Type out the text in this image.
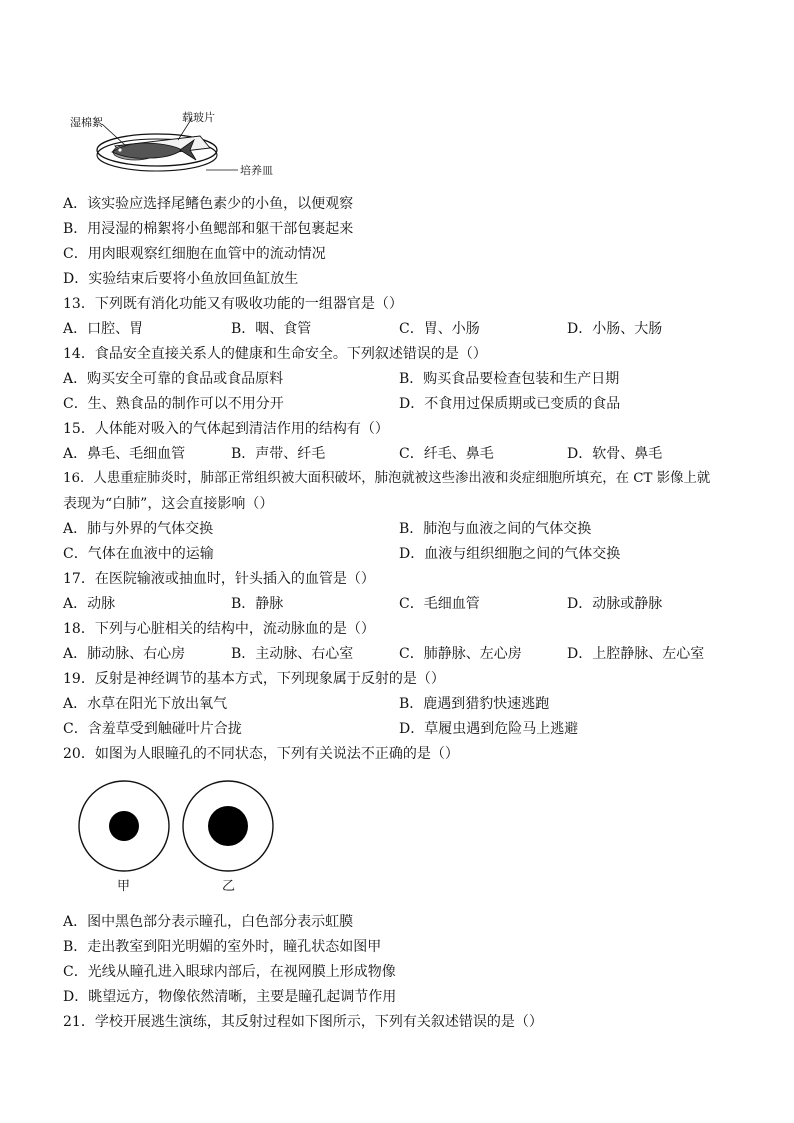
湿棉絮	载玻片
培养皿
A．该实验应选择尾鳍色素少的小鱼，以便观察
B．用浸湿的棉絮将小鱼鳃部和躯干部包裹起来
C．用肉眼观察红细胞在血管中的流动情况
D．实验结束后要将小鱼放回鱼缸放生
13．下列既有消化功能又有吸收功能的一组器官是（）
A．口腔、胃	B．咽、食管	C．胃、小肠	D．小肠、大肠
14．食品安全直接关系人的健康和生命安全。下列叙述错误的是（）
A．购买安全可靠的食品或食品原料	B．购买食品要检查包装和生产日期
C．生、熟食品的制作可以不用分开	D．不食用过保质期或已变质的食品
15．人体能对吸入的气体起到清洁作用的结构有（）
A．鼻毛、毛细血管	B．声带、纤毛	C．纤毛、鼻毛	D．软骨、鼻毛
16．人患重症肺炎时，肺部正常组织被大面积破坏，肺泡就被这些渗出液和炎症细胞所填充，在 CT 影像上就
表现为“白肺”，这会直接影响（）
A．肺与外界的气体交换	B．肺泡与血液之间的气体交换
C．气体在血液中的运输	D．血液与组织细胞之间的气体交换
17．在医院输液或抽血时，针头插入的血管是（）
A．动脉	B．静脉	C．毛细血管	D．动脉或静脉
18．下列与心脏相关的结构中，流动脉血的是（）
A．肺动脉、右心房	B．主动脉、右心室	C．肺静脉、左心房	D．上腔静脉、左心室
19．反射是神经调节的基本方式，下列现象属于反射的是（）
A．水草在阳光下放出氧气	B．鹿遇到猎豹快速逃跑
C．含羞草受到触碰叶片合拢	D．草履虫遇到危险马上逃避
20．如图为人眼瞳孔的不同状态，下列有关说法不正确的是（）
甲	乙
A．图中黑色部分表示瞳孔，白色部分表示虹膜
B．走出教室到阳光明媚的室外时，瞳孔状态如图甲
C．光线从瞳孔进入眼球内部后，在视网膜上形成物像
D．眺望远方，物像依然清晰，主要是瞳孔起调节作用
21．学校开展逃生演练，其反射过程如下图所示，下列有关叙述错误的是（）
